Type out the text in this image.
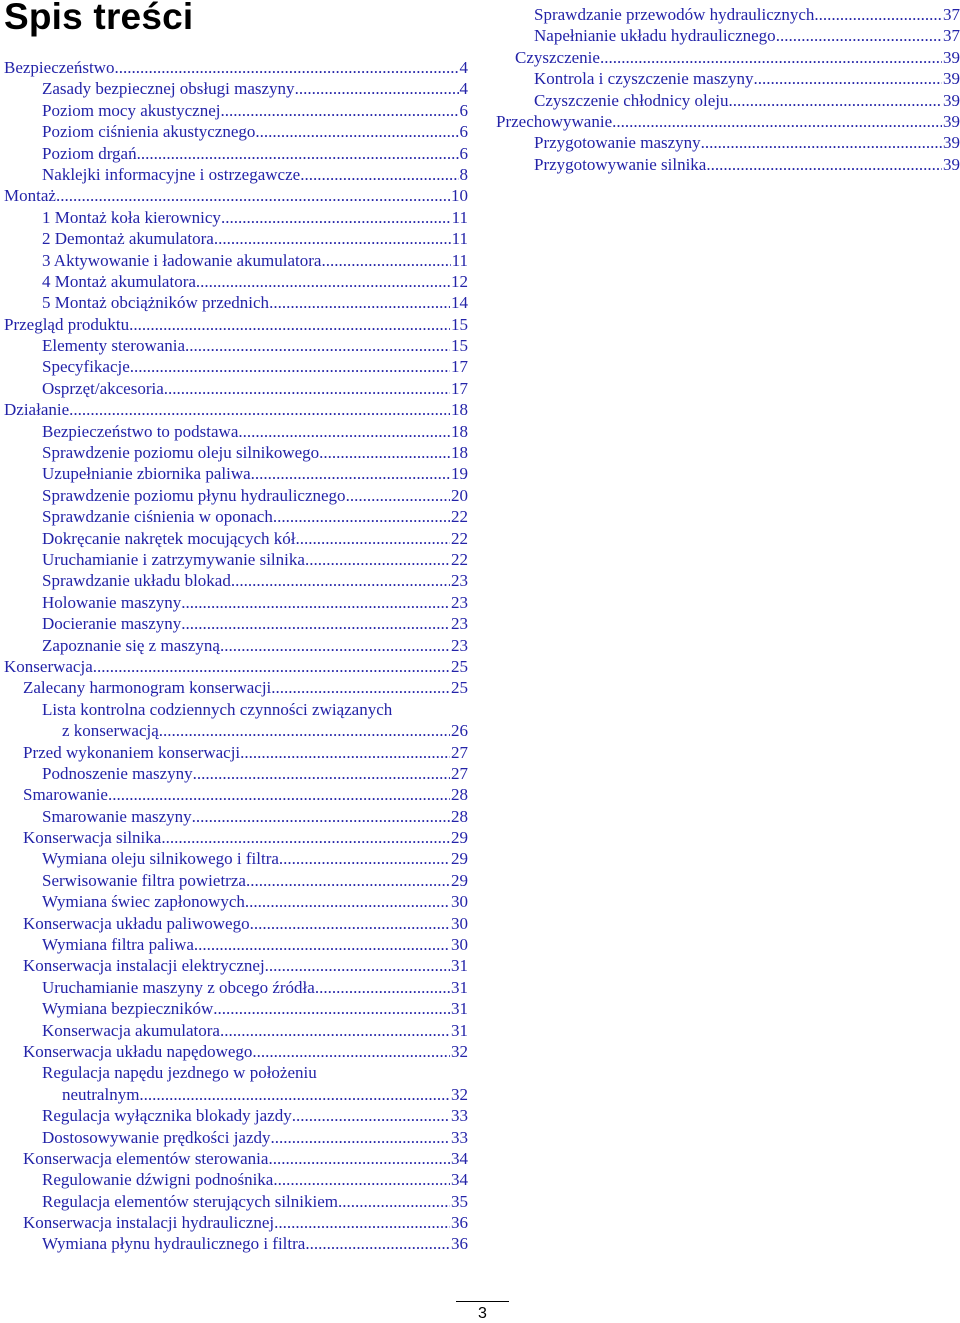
Spis treści
Bezpieczeństwo .....	4
Zasady bezpiecznej obsługi maszyny .....	4
Poziom mocy akustycznej .....	6
Poziom ciśnienia akustycznego .....	6
Poziom drgań .....	6
Naklejki informacyjne i ostrzegawcze .....	8
Montaż .....	10
1 Montaż koła kierownicy .....	11
2 Demontaż akumulatora .....	11
3 Aktywowanie i ładowanie akumulatora .....	11
4 Montaż akumulatora .....	12
5 Montaż obciążników przednich .....	14
Przegląd produktu .....	15
Elementy sterowania .....	15
Specyfikacje .....	17
Osprzęt/akcesoria .....	17
Działanie .....	18
Bezpieczeństwo to podstawa .....	18
Sprawdzenie poziomu oleju silnikowego .....	18
Uzupełnianie zbiornika paliwa .....	19
Sprawdzenie poziomu płynu hydraulicznego .....	20
Sprawdzanie ciśnienia w oponach .....	22
Dokręcanie nakrętek mocujących kół. .....	22
Uruchamianie i zatrzymywanie silnika .....	22
Sprawdzanie układu blokad .....	23
Holowanie maszyny .....	23
Docieranie maszyny .....	23
Zapoznanie się z maszyną .....	23
Konserwacja .....	25
Zalecany harmonogram konserwacji .....	25
Lista kontrolna codziennych czynności związanych
z konserwacją .....	26
Przed wykonaniem konserwacji .....	27
Podnoszenie maszyny .....	27
Smarowanie .....	28
Smarowanie maszyny .....	28
Konserwacja silnika .....	29
Wymiana oleju silnikowego i filtra .....	29
Serwisowanie filtra powietrza .....	29
Wymiana świec zapłonowych .....	30
Konserwacja układu paliwowego .....	30
Wymiana filtra paliwa .....	30
Konserwacja instalacji elektrycznej .....	31
Uruchamianie maszyny z obcego źródła .....	31
Wymiana bezpieczników .....	31
Konserwacja akumulatora .....	31
Konserwacja układu napędowego .....	32
Regulacja napędu jezdnego w położeniu
neutralnym .....	32
Regulacja wyłącznika blokady jazdy .....	33
Dostosowywanie prędkości jazdy .....	33
Konserwacja elementów sterowania .....	34
Regulowanie dźwigni podnośnika .....	34
Regulacja elementów sterujących silnikiem .....	35
Konserwacja instalacji hydraulicznej .....	36
Wymiana płynu hydraulicznego i filtra .....	36
Sprawdzanie przewodów hydraulicznych .....	37
Napełnianie układu hydraulicznego .....	37
Czyszczenie .....	39
Kontrola i czyszczenie maszyny .....	39
Czyszczenie chłodnicy oleju .....	39
Przechowywanie .....	39
Przygotowanie maszyny .....	39
Przygotowywanie silnika .....	39
3
